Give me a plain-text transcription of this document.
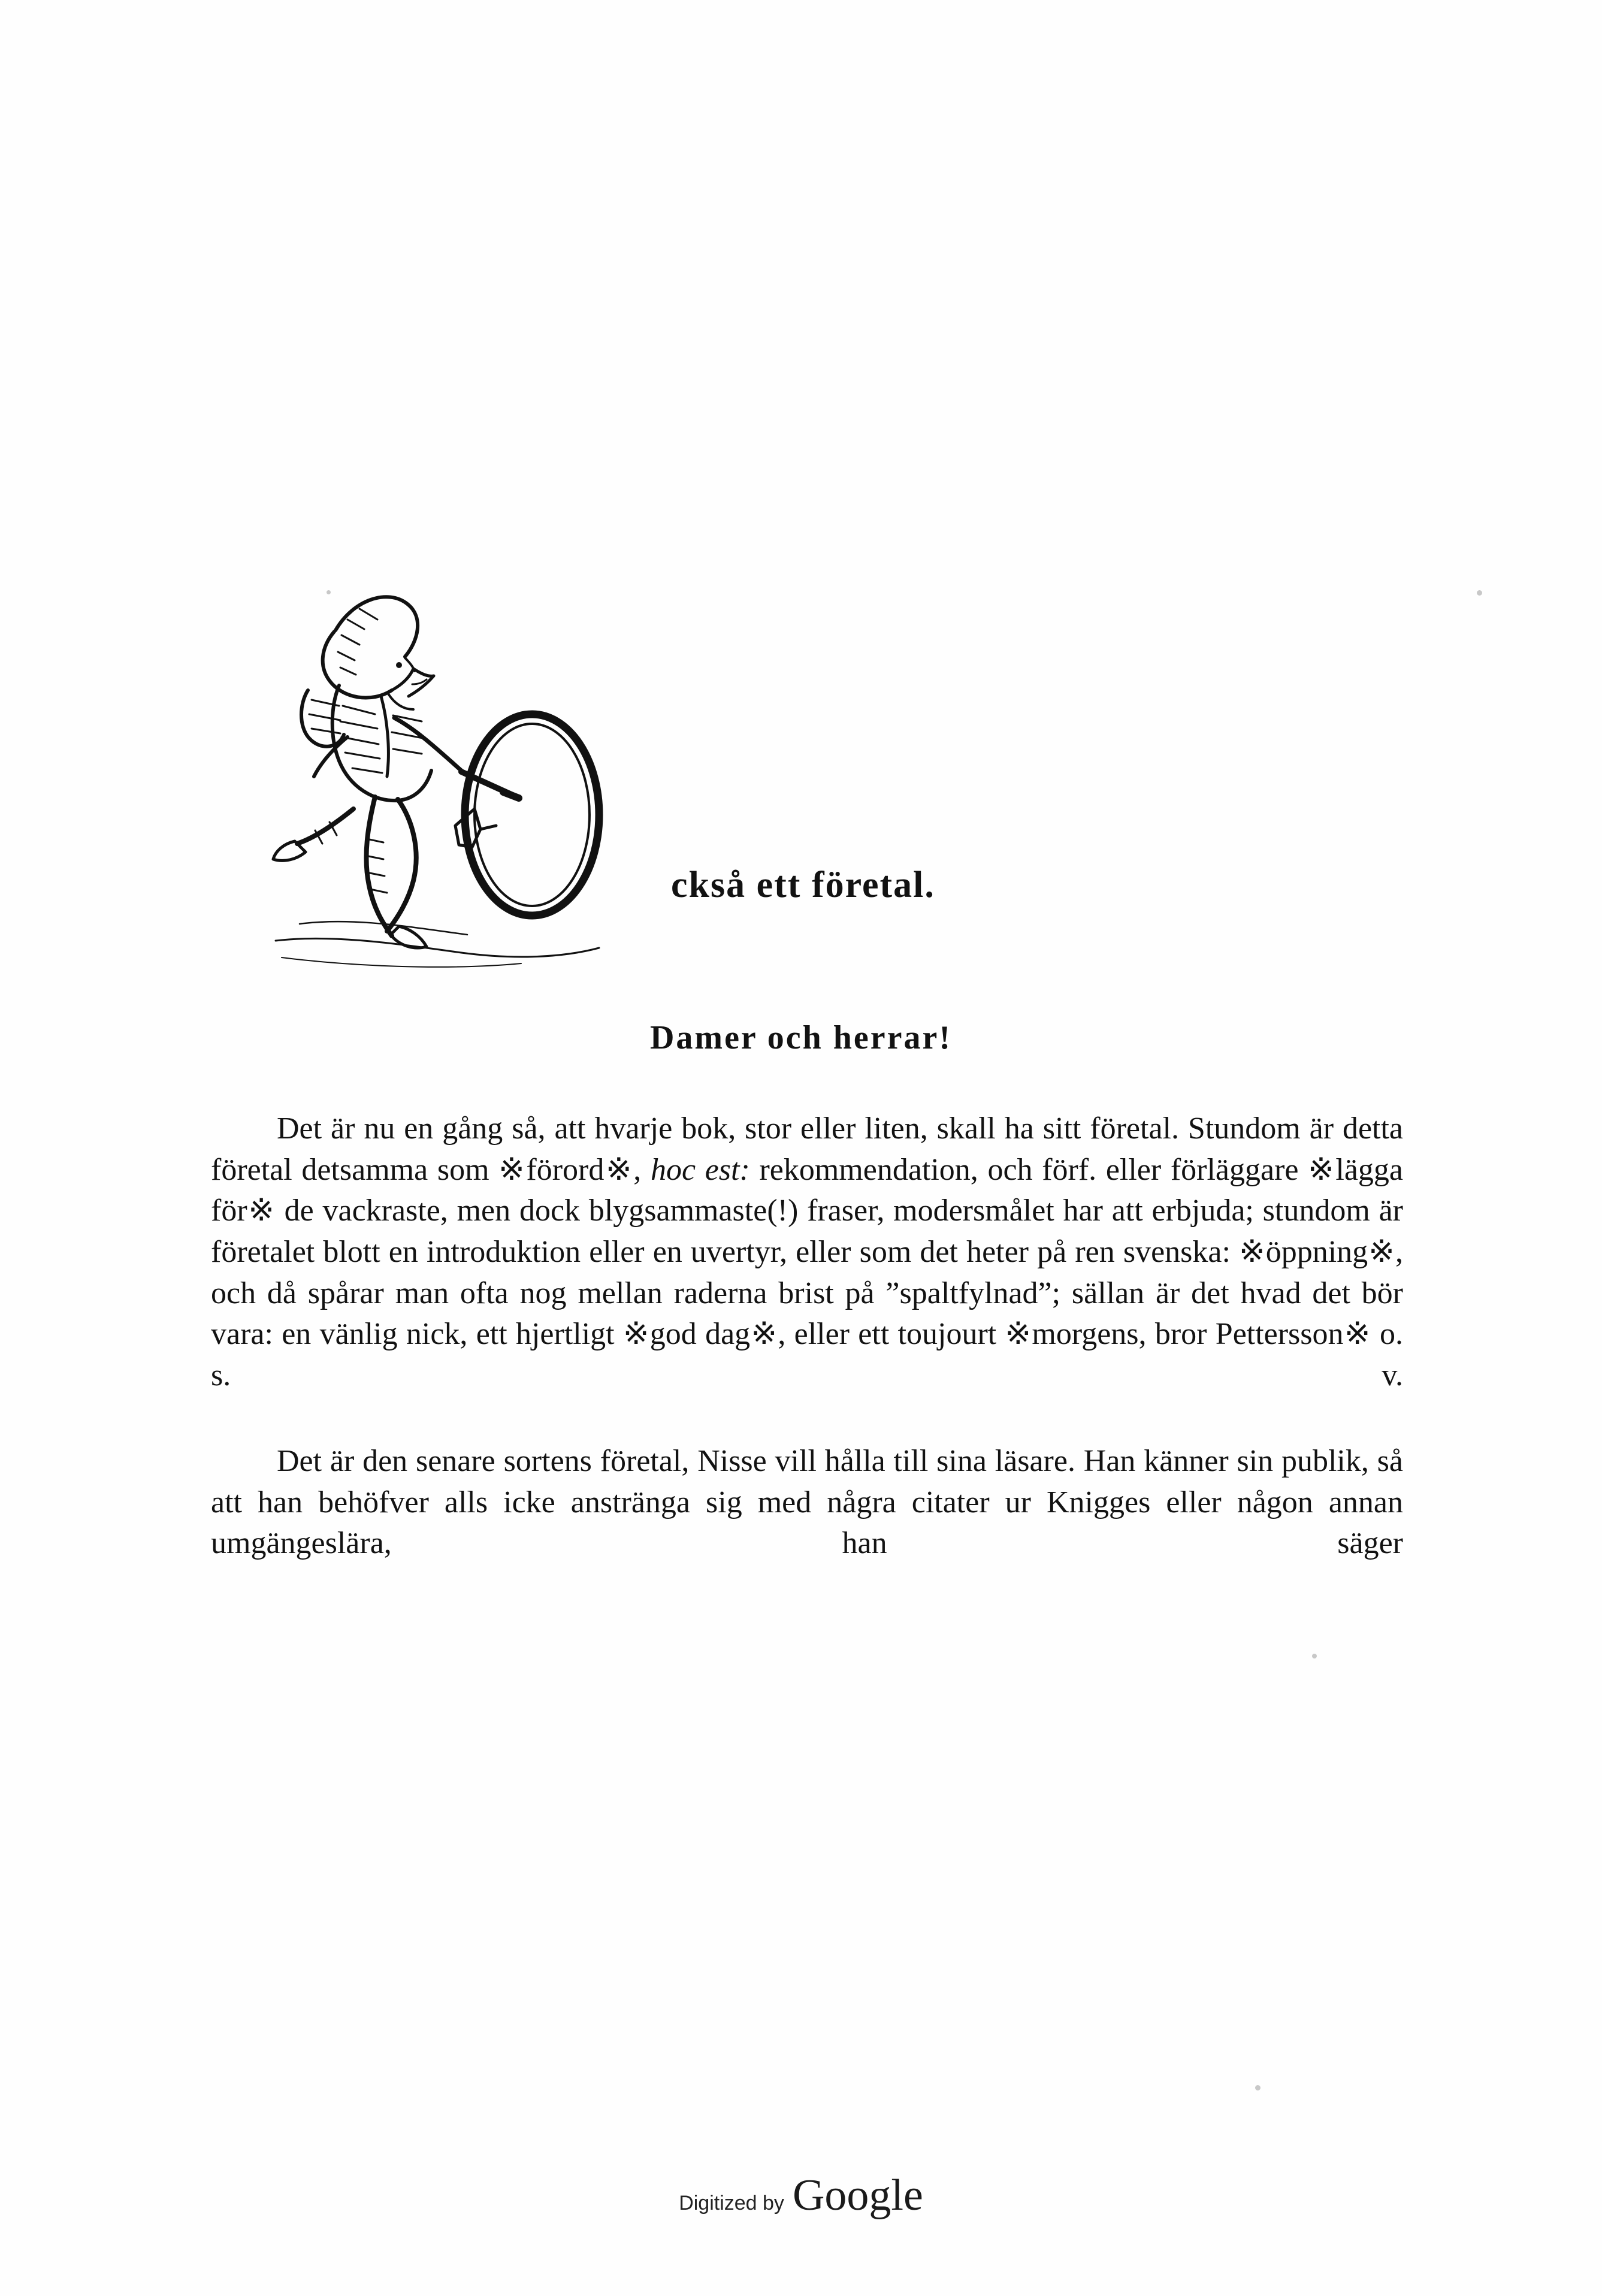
ckså ett företal.
Damer och herrar!

Det är nu en gång så, att hvarje bok, stor eller liten, skall ha sitt företal. Stundom är detta företal detsamma som ※förord※, hoc est: rekommendation, och förf. eller förläggare ※lägga för※ de vackraste, men dock blygsammaste(!) fraser, modersmålet har att erbjuda; stundom är företalet blott en introduktion eller en uvertyr, eller som det heter på ren svenska: ※öppning※, och då spårar man ofta nog mellan raderna brist på ”spaltfylnad”; sällan är det hvad det bör vara: en vänlig nick, ett hjertligt ※god dag※, eller ett toujourt ※morgens, bror Pettersson※ o. s. v.

Det är den senare sortens företal, Nisse vill hålla till sina läsare. Han känner sin publik, så att han behöfver alls icke anstränga sig med några citater ur Knigges eller någon annan umgängeslära, han säger

Digitized by Google
